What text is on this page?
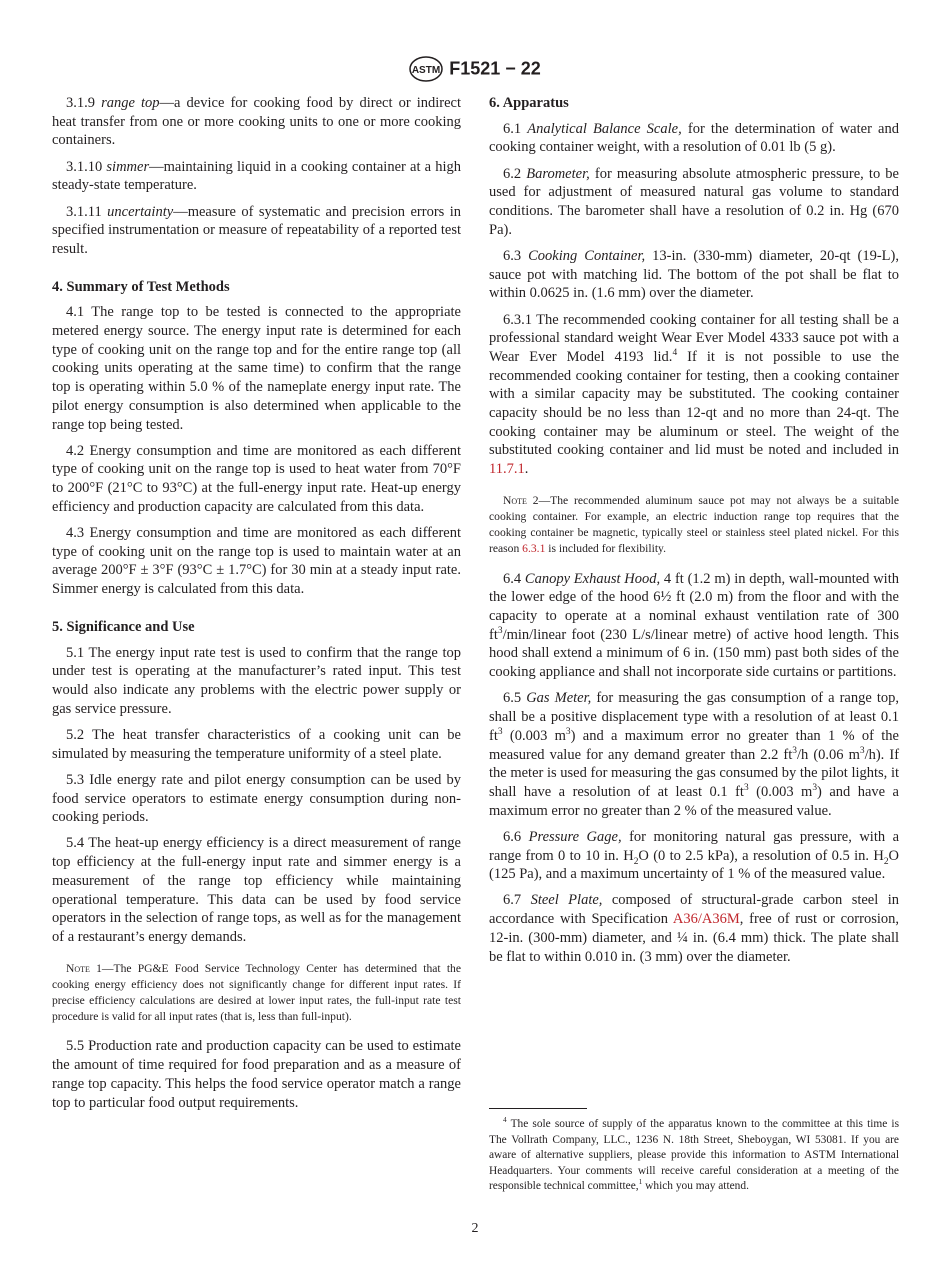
ASTM F1521 − 22
3.1.9 range top—a device for cooking food by direct or indirect heat transfer from one or more cooking units to one or more cooking containers.
3.1.10 simmer—maintaining liquid in a cooking container at a high steady-state temperature.
3.1.11 uncertainty—measure of systematic and precision errors in specified instrumentation or measure of repeatability of a reported test result.
4. Summary of Test Methods
4.1 The range top to be tested is connected to the appropriate metered energy source. The energy input rate is determined for each type of cooking unit on the range top and for the entire range top (all cooking units operating at the same time) to confirm that the range top is operating within 5.0 % of the nameplate energy input rate. The pilot energy consumption is also determined when applicable to the range top being tested.
4.2 Energy consumption and time are monitored as each different type of cooking unit on the range top is used to heat water from 70°F to 200°F (21°C to 93°C) at the full-energy input rate. Heat-up energy efficiency and production capacity are calculated from this data.
4.3 Energy consumption and time are monitored as each different type of cooking unit on the range top is used to maintain water at an average 200°F ± 3°F (93°C ± 1.7°C) for 30 min at a steady input rate. Simmer energy is calculated from this data.
5. Significance and Use
5.1 The energy input rate test is used to confirm that the range top under test is operating at the manufacturer’s rated input. This test would also indicate any problems with the electric power supply or gas service pressure.
5.2 The heat transfer characteristics of a cooking unit can be simulated by measuring the temperature uniformity of a steel plate.
5.3 Idle energy rate and pilot energy consumption can be used by food service operators to estimate energy consumption during non-cooking periods.
5.4 The heat-up energy efficiency is a direct measurement of range top efficiency at the full-energy input rate and simmer energy is a measurement of the range top efficiency while maintaining operational temperature. This data can be used by food service operators in the selection of range tops, as well as for the management of a restaurant’s energy demands.
Note 1—The PG&E Food Service Technology Center has determined that the cooking energy efficiency does not significantly change for different input rates. If precise efficiency calculations are desired at lower input rates, the full-input rate test procedure is valid for all input rates (that is, less than full-input).
5.5 Production rate and production capacity can be used to estimate the amount of time required for food preparation and as a measure of range top capacity. This helps the food service operator match a range top to particular food output requirements.
6. Apparatus
6.1 Analytical Balance Scale, for the determination of water and cooking container weight, with a resolution of 0.01 lb (5 g).
6.2 Barometer, for measuring absolute atmospheric pressure, to be used for adjustment of measured natural gas volume to standard conditions. The barometer shall have a resolution of 0.2 in. Hg (670 Pa).
6.3 Cooking Container, 13-in. (330-mm) diameter, 20-qt (19-L), sauce pot with matching lid. The bottom of the pot shall be flat to within 0.0625 in. (1.6 mm) over the diameter.
6.3.1 The recommended cooking container for all testing shall be a professional standard weight Wear Ever Model 4333 sauce pot with a Wear Ever Model 4193 lid.$^4$ If it is not possible to use the recommended cooking container for testing, then a cooking container with a similar capacity may be substituted. The cooking container capacity should be no less than 12-qt and no more than 24-qt. The cooking container may be aluminum or steel. The weight of the substituted cooking container and lid must be noted and included in 11.7.1.
Note 2—The recommended aluminum sauce pot may not always be a suitable cooking container. For example, an electric induction range top requires that the cooking container be magnetic, typically steel or stainless steel plated nickel. For this reason 6.3.1 is included for flexibility.
6.4 Canopy Exhaust Hood, 4 ft (1.2 m) in depth, wall-mounted with the lower edge of the hood 6½ ft (2.0 m) from the floor and with the capacity to operate at a nominal exhaust ventilation rate of 300 $ft^3/\min$/linear foot (230 L/s/linear metre) of active hood length. This hood shall extend a minimum of 6 in. (150 mm) past both sides of the cooking appliance and shall not incorporate side curtains or partitions.
6.5 Gas Meter, for measuring the gas consumption of a range top, shall be a positive displacement type with a resolution of at least 0.1 $ft^3$ (0.003 $m^3$) and a maximum error no greater than 1 % of the measured value for any demand greater than 2.2 $ft^3/h$ (0.06 $m^3/h$). If the meter is used for measuring the gas consumed by the pilot lights, it shall have a resolution of at least 0.1 $ft^3$ (0.003 $m^3$) and have a maximum error no greater than 2 % of the measured value.
6.6 Pressure Gage, for monitoring natural gas pressure, with a range from 0 to 10 in. $H_2O$ (0 to 2.5 kPa), a resolution of 0.5 in. $H_2O$ (125 Pa), and a maximum uncertainty of 1 % of the measured value.
6.7 Steel Plate, composed of structural-grade carbon steel in accordance with Specification A36/A36M, free of rust or corrosion, 12-in. (300-mm) diameter, and ¼ in. (6.4 mm) thick. The plate shall be flat to within 0.010 in. (3 mm) over the diameter.
$^4$ The sole source of supply of the apparatus known to the committee at this time is The Vollrath Company, LLC., 1236 N. 18th Street, Sheboygan, WI 53081. If you are aware of alternative suppliers, please provide this information to ASTM International Headquarters. Your comments will receive careful consideration at a meeting of the responsible technical committee,$^1$ which you may attend.
2
